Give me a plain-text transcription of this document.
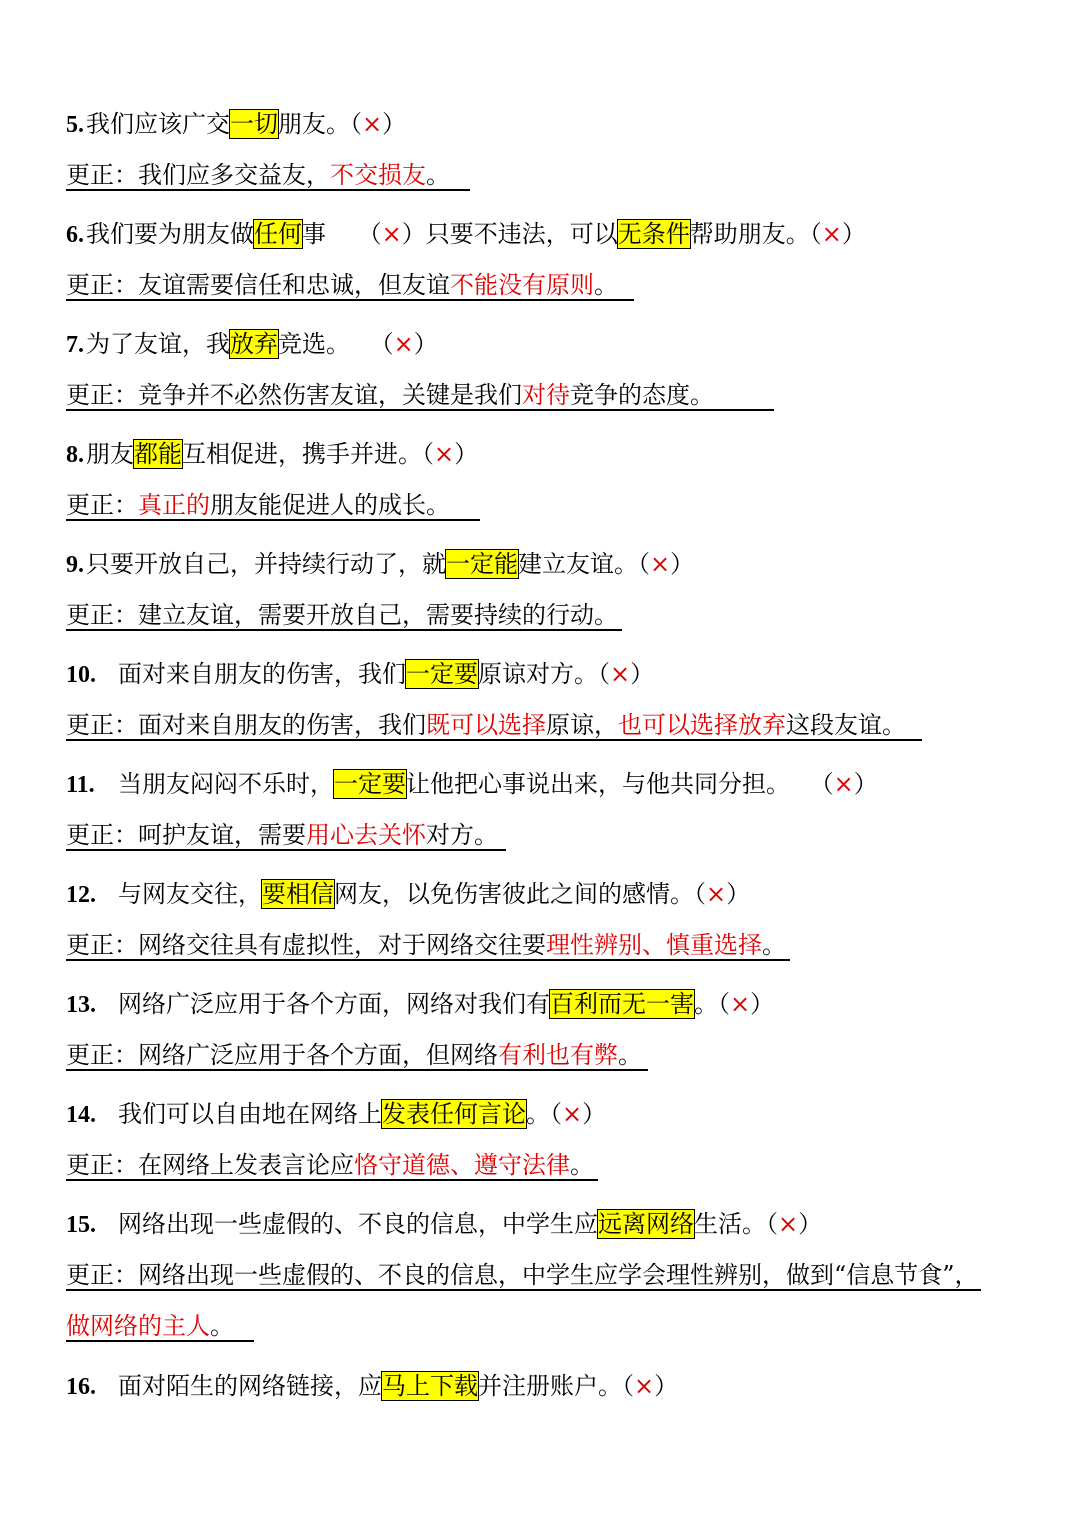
5.我们应该广交一切朋友。（×）
更正：我们应多交益友，不交损友。
6.我们要为朋友做任何事　 （×）只要不违法，可以无条件帮助朋友。（×）
更正：友谊需要信任和忠诚，但友谊不能没有原则。
7.为了友谊，我放弃竞选。　 （×）
更正：竞争并不必然伤害友谊，关键是我们对待竞争的态度。
8.朋友都能互相促进，携手并进。（×）
更正：真正的朋友能促进人的成长。
9.只要开放自己，并持续行动了，就一定能建立友谊。（×）
更正：建立友谊，需要开放自己，需要持续的行动。
10. 面对来自朋友的伤害，我们一定要原谅对方。（×）
更正：面对来自朋友的伤害，我们既可以选择原谅，也可以选择放弃这段友谊。
11. 当朋友闷闷不乐时，一定要让他把心事说出来，与他共同分担。　 （×）
更正：呵护友谊，需要用心去关怀对方。
12. 与网友交往，要相信网友，以免伤害彼此之间的感情。（×）
更正：网络交往具有虚拟性，对于网络交往要理性辨别、慎重选择。
13. 网络广泛应用于各个方面，网络对我们有百利而无一害。（×）
更正：网络广泛应用于各个方面，但网络有利也有弊。
14. 我们可以自由地在网络上发表任何言论。（×）
更正：在网络上发表言论应恪守道德、遵守法律。
15. 网络出现一些虚假的、不良的信息，中学生应远离网络生活。（×）
更正：网络出现一些虚假的、不良的信息，中学生应学会理性辨别，做到“信息节食”，
做网络的主人。
16. 面对陌生的网络链接，应马上下载并注册账户。（×）
